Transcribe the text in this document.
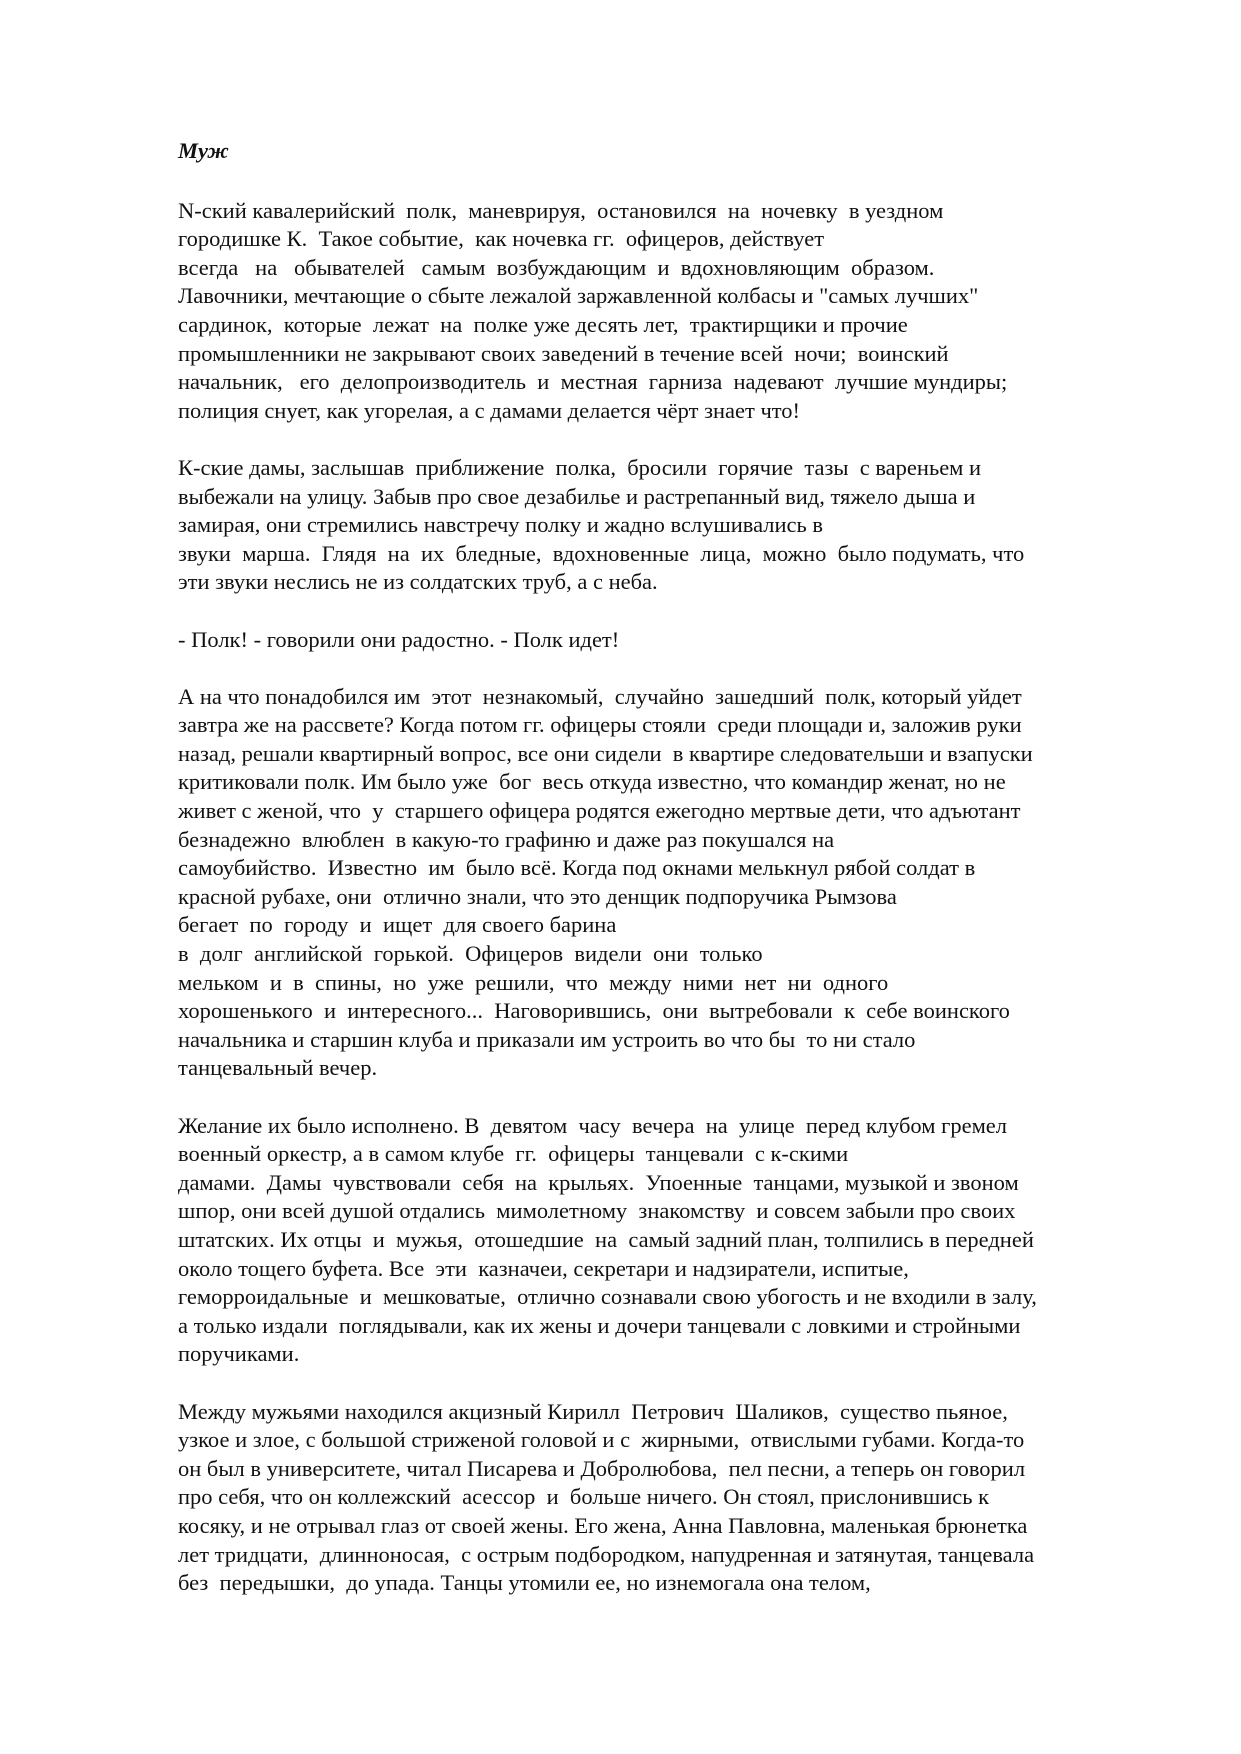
Муж
N-ский кавалерийский  полк,  маневрируя,  остановился  на  ночевку  в уездном
городишке К.  Такое событие,  как ночевка гг.  офицеров, действует
всегда   на   обывателей   самым  возбуждающим  и  вдохновляющим  образом.
Лавочники, мечтающие о сбыте лежалой заржавленной колбасы и "самых лучших"
сардинок,  которые  лежат  на  полке уже десять лет,  трактирщики и прочие
промышленники не закрывают своих заведений в течение всей  ночи;  воинский
начальник,   его  делопроизводитель  и  местная  гарниза  надевают  лучшие мундиры;
полиция снует, как угорелая, а с дамами делается чёрт знает что!
К-ские дамы, заслышав  приближение  полка,  бросили  горячие  тазы  с вареньем и
выбежали на улицу. Забыв про свое дезабилье и растрепанный вид, тяжело дыша и
замирая, они стремились навстречу полку и жадно вслушивались в
звуки  марша.  Глядя  на  их  бледные,  вдохновенные  лица,  можно  было подумать, что
эти звуки неслись не из солдатских труб, а с неба.
- Полк! - говорили они радостно. - Полк идет!
А на что понадобился им  этот  незнакомый,  случайно  зашедший  полк, который уйдет
завтра же на рассвете? Когда потом гг. офицеры стояли  среди площади и, заложив руки
назад, решали квартирный вопрос, все они сидели  в квартире следовательши и взапуски
критиковали полк. Им было уже  бог  весь откуда известно, что командир женат, но не
живет с женой, что  у  старшего офицера родятся ежегодно мертвые дети, что адъютант
безнадежно  влюблен  в какую-то графиню и даже раз покушался на
самоубийство.  Известно  им  было всё. Когда под окнами мелькнул рябой солдат в
красной рубахе, они  отлично знали, что это денщик подпоручика Рымзова
бегает  по  городу  и  ищет  для своего барина
в  долг  английской  горькой.  Офицеров  видели  они  только
мельком  и  в  спины,  но  уже  решили,  что  между  ними  нет  ни  одного
хорошенького  и  интересного...  Наговорившись,  они  вытребовали  к  себе воинского
начальника и старшин клуба и приказали им устроить во что бы  то ни стало
танцевальный вечер.
Желание их было исполнено. В  девятом  часу  вечера  на  улице  перед клубом гремел
военный оркестр, а в самом клубе  гг.  офицеры  танцевали  с к-скими
дамами.  Дамы  чувствовали  себя  на  крыльях.  Упоенные  танцами, музыкой и звоном
шпор, они всей душой отдались  мимолетному  знакомству  и совсем забыли про своих
штатских. Их отцы  и  мужья,  отошедшие  на  самый задний план, толпились в передней
около тощего буфета. Все  эти  казначеи, секретари и надзиратели, испитые,
геморроидальные  и  мешковатые,  отлично сознавали свою убогость и не входили в залу,
а только издали  поглядывали, как их жены и дочери танцевали с ловкими и стройными
поручиками.
Между мужьями находился акцизный Кирилл  Петрович  Шаликов,  существо пьяное,
узкое и злое, с большой стриженой головой и с  жирными,  отвислыми губами. Когда-то
он был в университете, читал Писарева и Добролюбова,  пел песни, а теперь он говорил
про себя, что он коллежский  асессор  и  больше ничего. Он стоял, прислонившись к
косяку, и не отрывал глаз от своей жены. Его жена, Анна Павловна, маленькая брюнетка
лет тридцати,  длинноносая,  с острым подбородком, напудренная и затянутая, танцевала
без  передышки,  до упада. Танцы утомили ее, но изнемогала она телом,
